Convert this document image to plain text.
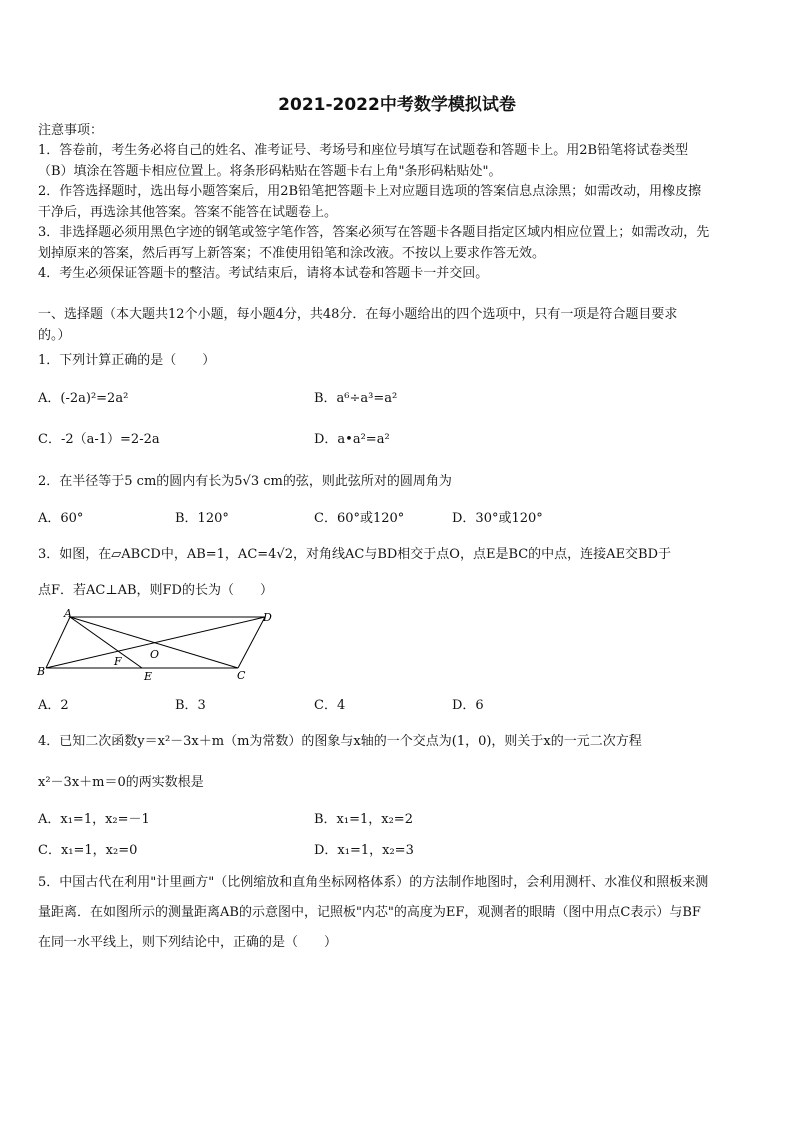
2021-2022中考数学模拟试卷
注意事项：
1．答卷前，考生务必将自己的姓名、准考证号、考场号和座位号填写在试题卷和答题卡上。用2B铅笔将试卷类型
（B）填涂在答题卡相应位置上。将条形码粘贴在答题卡右上角"条形码粘贴处"。
2．作答选择题时，选出每小题答案后，用2B铅笔把答题卡上对应题目选项的答案信息点涂黑；如需改动，用橡皮擦
干净后，再选涂其他答案。答案不能答在试题卷上。
3．非选择题必须用黑色字迹的钢笔或签字笔作答，答案必须写在答题卡各题目指定区域内相应位置上；如需改动，先
划掉原来的答案，然后再写上新答案；不准使用铅笔和涂改液。不按以上要求作答无效。
4．考生必须保证答题卡的整洁。考试结束后，请将本试卷和答题卡一并交回。
一、选择题（本大题共12个小题，每小题4分，共48分．在每小题给出的四个选项中，只有一项是符合题目要求
的。）
1．下列计算正确的是（　　）
A．(-2a)²=2a²	B．a⁶÷a³=a²
C．-2（a-1）=2-2a	D．a•a²=a²
2．在半径等于5 cm的圆内有长为5√3 cm的弦，则此弦所对的圆周角为
A．60°	B．120°	C．60°或120°	D．30°或120°
3．如图，在▱ABCD中，AB=1，AC=4√2，对角线AC与BD相交于点O，点E是BC的中点，连接AE交BD于
点F．若AC⊥AB，则FD的长为（　　）
A	D
B	C
E
F
O
A．2	B．3	C．4	D．6
4．已知二次函数y＝x²－3x＋m（m为常数）的图象与x轴的一个交点为(1，0)，则关于x的一元二次方程
x²－3x＋m＝0的两实数根是
A．x₁=1，x₂=－1	B．x₁=1，x₂=2
C．x₁=1，x₂=0	D．x₁=1，x₂=3
5．中国古代在利用"计里画方"（比例缩放和直角坐标网格体系）的方法制作地图时，会利用测杆、水准仪和照板来测
量距离．在如图所示的测量距离AB的示意图中，记照板"内芯"的高度为EF，观测者的眼睛（图中用点C表示）与BF
在同一水平线上，则下列结论中，正确的是（　　）
